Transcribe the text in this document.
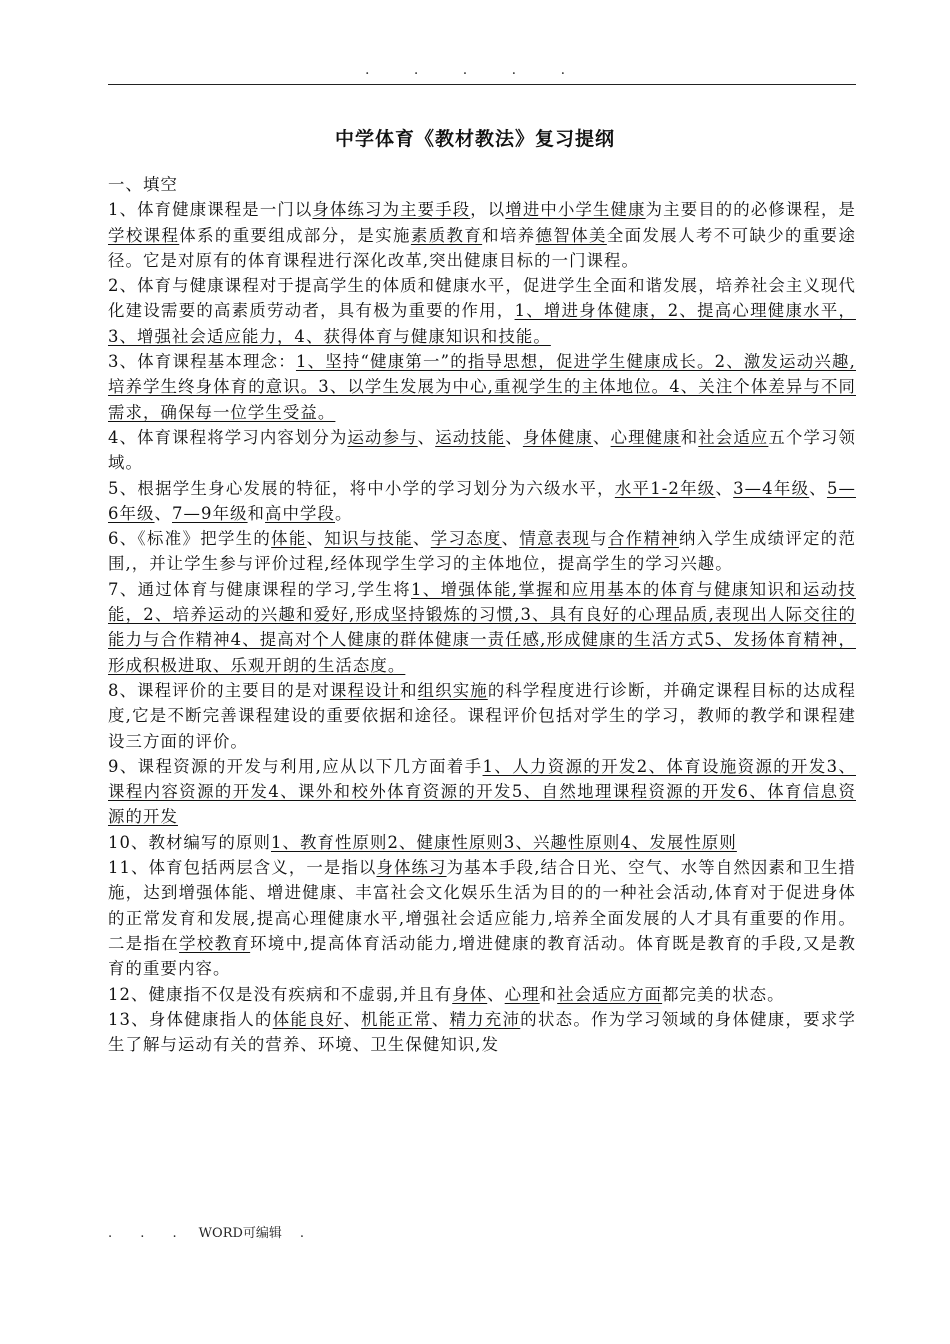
. . . . .
中学体育《教材教法》复习提纲

一、填空

1、体育健康课程是一门以身体练习为主要手段，以增进中小学生健康为主要目的的必修课程，是学校课程体系的重要组成部分，是实施素质教育和培养德智体美全面发展人考不可缺少的重要途径。它是对原有的体育课程进行深化改革,突出健康目标的一门课程。

2、体育与健康课程对于提高学生的体质和健康水平，促进学生全面和谐发展，培养社会主义现代化建设需要的高素质劳动者，具有极为重要的作用，1、增进身体健康，2、提高心理健康水平，3、增强社会适应能力，4、获得体育与健康知识和技能。

3、体育课程基本理念：1、坚持“健康第一”的指导思想，促进学生健康成长。2、激发运动兴趣,培养学生终身体育的意识。3、以学生发展为中心,重视学生的主体地位。4、关注个体差异与不同需求，确保每一位学生受益。

4、体育课程将学习内容划分为运动参与、运动技能、身体健康、心理健康和社会适应五个学习领域。

5、根据学生身心发展的特征，将中小学的学习划分为六级水平，水平1-2年级、3—4年级、5—6年级、7—9年级和高中学段。

6、《标准》把学生的体能、知识与技能、学习态度、情意表现与合作精神纳入学生成绩评定的范围,，并让学生参与评价过程,经体现学生学习的主体地位，提高学生的学习兴趣。

7、通过体育与健康课程的学习,学生将1、增强体能,掌握和应用基本的体育与健康知识和运动技能，2、培养运动的兴趣和爱好,形成坚持锻炼的习惯,3、具有良好的心理品质,表现出人际交往的能力与合作精神4、提高对个人健康的群体健康一责任感,形成健康的生活方式5、发扬体育精神，形成积极进取、乐观开朗的生活态度。

8、课程评价的主要目的是对课程设计和组织实施的科学程度进行诊断，并确定课程目标的达成程度,它是不断完善课程建设的重要依据和途径。课程评价包括对学生的学习，教师的教学和课程建设三方面的评价。

9、课程资源的开发与利用,应从以下几方面着手1、人力资源的开发2、体育设施资源的开发3、课程内容资源的开发4、课外和校外体育资源的开发5、自然地理课程资源的开发6、体育信息资源的开发

10、教材编写的原则1、教育性原则2、健康性原则3、兴趣性原则4、发展性原则

11、体育包括两层含义，一是指以身体练习为基本手段,结合日光、空气、水等自然因素和卫生措施，达到增强体能、增进健康、丰富社会文化娱乐生活为目的的一种社会活动,体育对于促进身体的正常发育和发展,提高心理健康水平,增强社会适应能力,培养全面发展的人才具有重要的作用。二是指在学校教育环境中,提高体育活动能力,增进健康的教育活动。体育既是教育的手段,又是教育的重要内容。

12、健康指不仅是没有疾病和不虚弱,并且有身体、心理和社会适应方面都完美的状态。

13、身体健康指人的体能良好、机能正常、精力充沛的状态。作为学习领域的身体健康，要求学生了解与运动有关的营养、环境、卫生保健知识,发

. . . WORD可编辑 .
